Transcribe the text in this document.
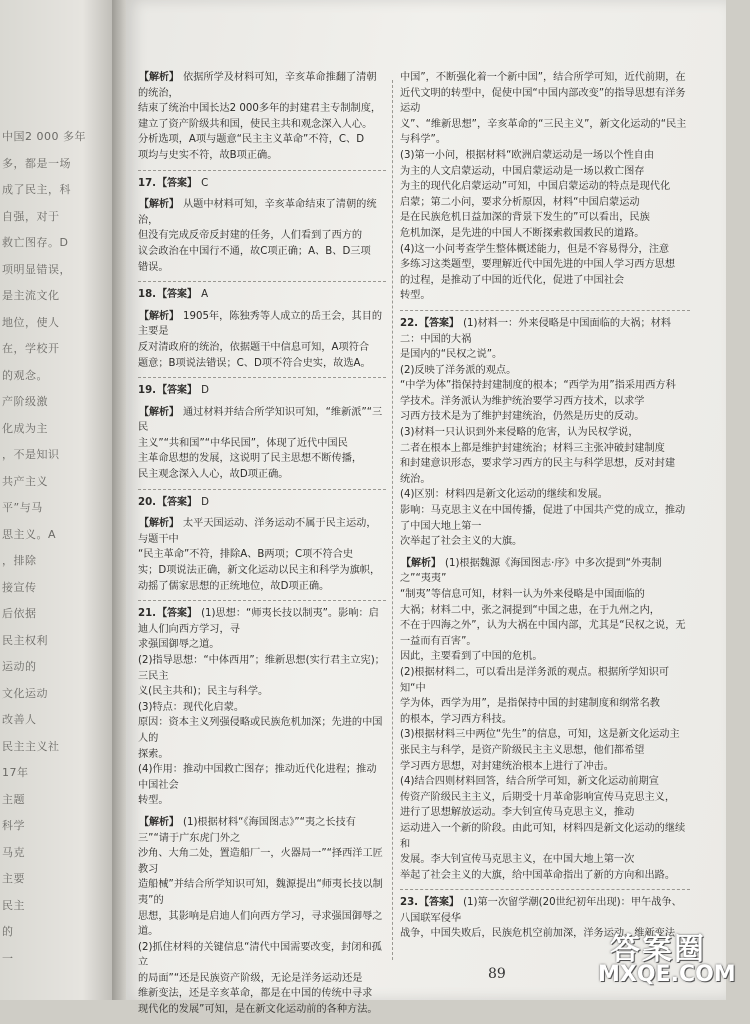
中国2 000 多年
多，都是一场
成了民主，科
自强，对于
救亡图存。D
项明显错误，
是主流文化
地位，使人
在，学校开
的观念。
产阶级激
化成为主
，不是知识
共产主义
平”与马
思主义。A
，排除
接宣传
后依据
民主权利
运动的
文化运动
改善人
民主主义社
17年
主题
科学
马克
主要
民主
的
一
【解析】 依据所学及材料可知，辛亥革命推翻了清朝的统治，
结束了统治中国长达2 000多年的封建君主专制制度，
建立了资产阶级共和国，使民主共和观念深入人心。
分析选项，A项与题意“民主主义革命”不符，C、D
项均与史实不符，故B项正确。
17.【答案】 C
【解析】 从题中材料可知，辛亥革命结束了清朝的统治，
但没有完成反帝反封建的任务，人们看到了西方的
议会政治在中国行不通，故C项正确；A、B、D三项
错误。
18.【答案】 A
【解析】 1905年，陈独秀等人成立的岳王会，其目的主要是
反对清政府的统治，依据题干中信息可知，A项符合
题意；B项说法错误；C、D项不符合史实，故选A。
19.【答案】 D
【解析】 通过材料并结合所学知识可知，“维新派”“三民
主义”“共和国”“中华民国”，体现了近代中国民
主革命思想的发展，这说明了民主思想不断传播，
民主观念深入人心，故D项正确。
20.【答案】 D
【解析】 太平天国运动、洋务运动不属于民主运动，与题干中
“民主革命”不符，排除A、B两项；C项不符合史
实；D项说法正确，新文化运动以民主和科学为旗帜，
动摇了儒家思想的正统地位，故D项正确。
21.【答案】 (1)思想：“师夷长技以制夷”。影响：启迪人们向西方学习，寻
求强国御辱之道。
(2)指导思想：“中体西用”；维新思想(实行君主立宪)；三民主
义(民主共和)；民主与科学。
(3)特点：现代化启蒙。
原因：资本主义列强侵略或民族危机加深；先进的中国人的
探索。
(4)作用：推动中国救亡图存；推动近代化进程；推动中国社会
转型。
【解析】 (1)根据材料“《海国图志》”“夷之长技有三”“请于广东虎门外之
沙角、大角二处，置造船厂一，火器局一”“择西洋工匠教习
造船械”并结合所学知识可知，魏源提出“师夷长技以制夷”的
思想，其影响是启迪人们向西方学习，寻求强国御辱之道。
(2)抓住材料的关键信息“清代中国需要改变，封闭和孤立
的局面”“还是民族资产阶级，无论是洋务运动还是
维新变法，还是辛亥革命，都是在中国的传统中寻求
现代化的发展”可知，是在新文化运动前的各种方法。
中国”，不断强化着一个新中国”，结合所学可知，近代前期，在
近代文明的转型中，促使中国“中国内部改变”的指导思想有洋务运动
义”、“维新思想”，辛亥革命的“三民主义”，新文化运动的“民主与科学”。
(3)第一小问，根据材料“欧洲启蒙运动是一场以个性自由
为主的人文启蒙运动，中国启蒙运动是一场以救亡图存
为主的现代化启蒙运动”可知，中国启蒙运动的特点是现代化
启蒙；第二小问，要求分析原因，材料“中国启蒙运动
是在民族危机日益加深的背景下发生的”可以看出，民族
危机加深，是先进的中国人不断探索救国救民的道路。
(4)这一小问考查学生整体概述能力，但是不容易得分，注意
多练习这类题型，要理解近代中国先进的中国人学习西方思想
的过程，是推动了中国的近代化，促进了中国社会
转型。
22.【答案】 (1)材料一：外来侵略是中国面临的大祸；材料二：中国的大祸
是国内的“民权之说”。
(2)反映了洋务派的观点。
“中学为体”指保持封建制度的根本；“西学为用”指采用西方科
学技术。洋务派认为维护统治要学习西方技术，以求学
习西方技术是为了维护封建统治，仍然是历史的反动。
(3)材料一只认识到外来侵略的危害，认为民权学说，
二者在根本上都是维护封建统治；材料三主张冲破封建制度
和封建意识形态，要求学习西方的民主与科学思想，反对封建
统治。
(4)区别：材料四是新文化运动的继续和发展。
影响：马克思主义在中国传播，促进了中国共产党的成立，推动了中国大地上第一
次举起了社会主义的大旗。
【解析】 (1)根据魏源《海国图志·序》中多次提到“外夷制之”“夷夷”
“制夷”等信息可知，材料一认为外来侵略是中国面临的
大祸；材料二中，张之洞提到“中国之患，在于九州之内，
不在于四海之外”，认为大祸在中国内部，尤其是“民权之说，无一益而有百害”。
因此，主要看到了中国的危机。
(2)根据材料二，可以看出是洋务派的观点。根据所学知识可知“中
学为体，西学为用”，是指保持中国的封建制度和纲常名教
的根本，学习西方科技。
(3)根据材料三中两位“先生”的信息，可知，这是新文化运动主
张民主与科学，是资产阶级民主主义思想，他们都希望
学习西方思想，对封建统治根本上进行了冲击。
(4)结合四则材料回答，结合所学可知，新文化运动前期宣
传资产阶级民主主义，后期受十月革命影响宣传马克思主义，
进行了思想解放运动。李大钊宣传马克思主义，推动
运动进入一个新的阶段。由此可知，材料四是新文化运动的继续和
发展。李大钊宣传马克思主义，在中国大地上第一次
举起了社会主义的大旗，给中国革命指出了新的方向和出路。
23.【答案】 (1)第一次留学潮(20世纪初年出现)：甲午战争、八国联军侵华
战争，中国失败后，民族危机空前加深，洋务运动、维新变法
89
答案圈
MXQE.COM
